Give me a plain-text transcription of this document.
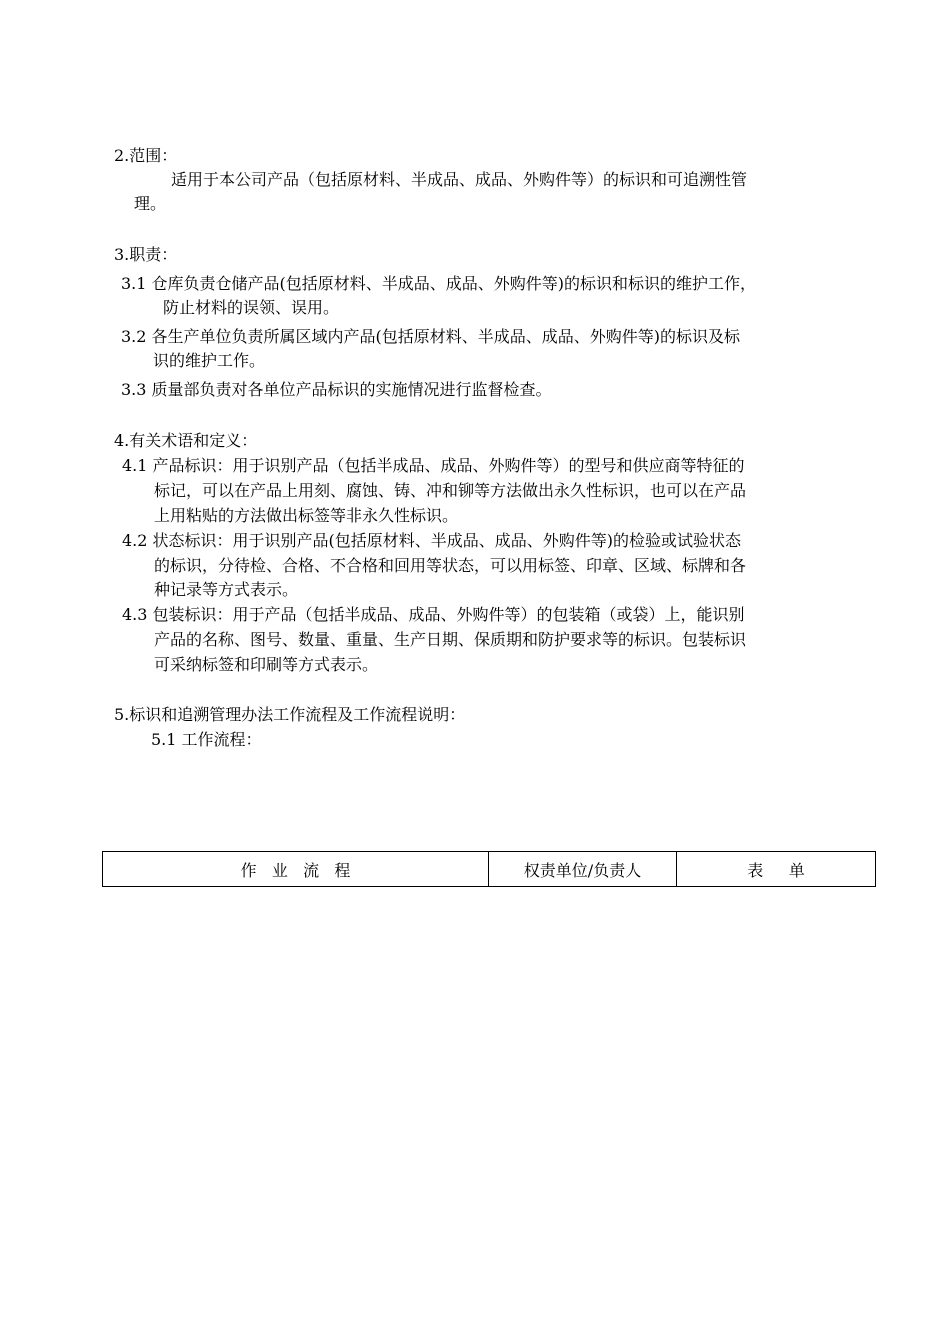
2.范围：
适用于本公司产品（包括原材料、半成品、成品、外购件等）的标识和可追溯性管
理。
3.职责：
3.1 仓库负责仓储产品(包括原材料、半成品、成品、外购件等)的标识和标识的维护工作，
防止材料的误领、误用。
3.2 各生产单位负责所属区域内产品(包括原材料、半成品、成品、外购件等)的标识及标
识的维护工作。
3.3 质量部负责对各单位产品标识的实施情况进行监督检查。
4.有关术语和定义：
4.1 产品标识：用于识别产品（包括半成品、成品、外购件等）的型号和供应商等特征的
标记，可以在产品上用刻、腐蚀、铸、冲和铆等方法做出永久性标识，也可以在产品
上用粘贴的方法做出标签等非永久性标识。
4.2 状态标识：用于识别产品(包括原材料、半成品、成品、外购件等)的检验或试验状态
的标识，分待检、合格、不合格和回用等状态，可以用标签、印章、区域、标牌和各
种记录等方式表示。
4.3 包装标识：用于产品（包括半成品、成品、外购件等）的包装箱（或袋）上，能识别
产品的名称、图号、数量、重量、生产日期、保质期和防护要求等的标识。包装标识
可采纳标签和印刷等方式表示。
5.标识和追溯管理办法工作流程及工作流程说明：
5.1 工作流程：
作   业   流   程	权责单位/负责人	表     单
